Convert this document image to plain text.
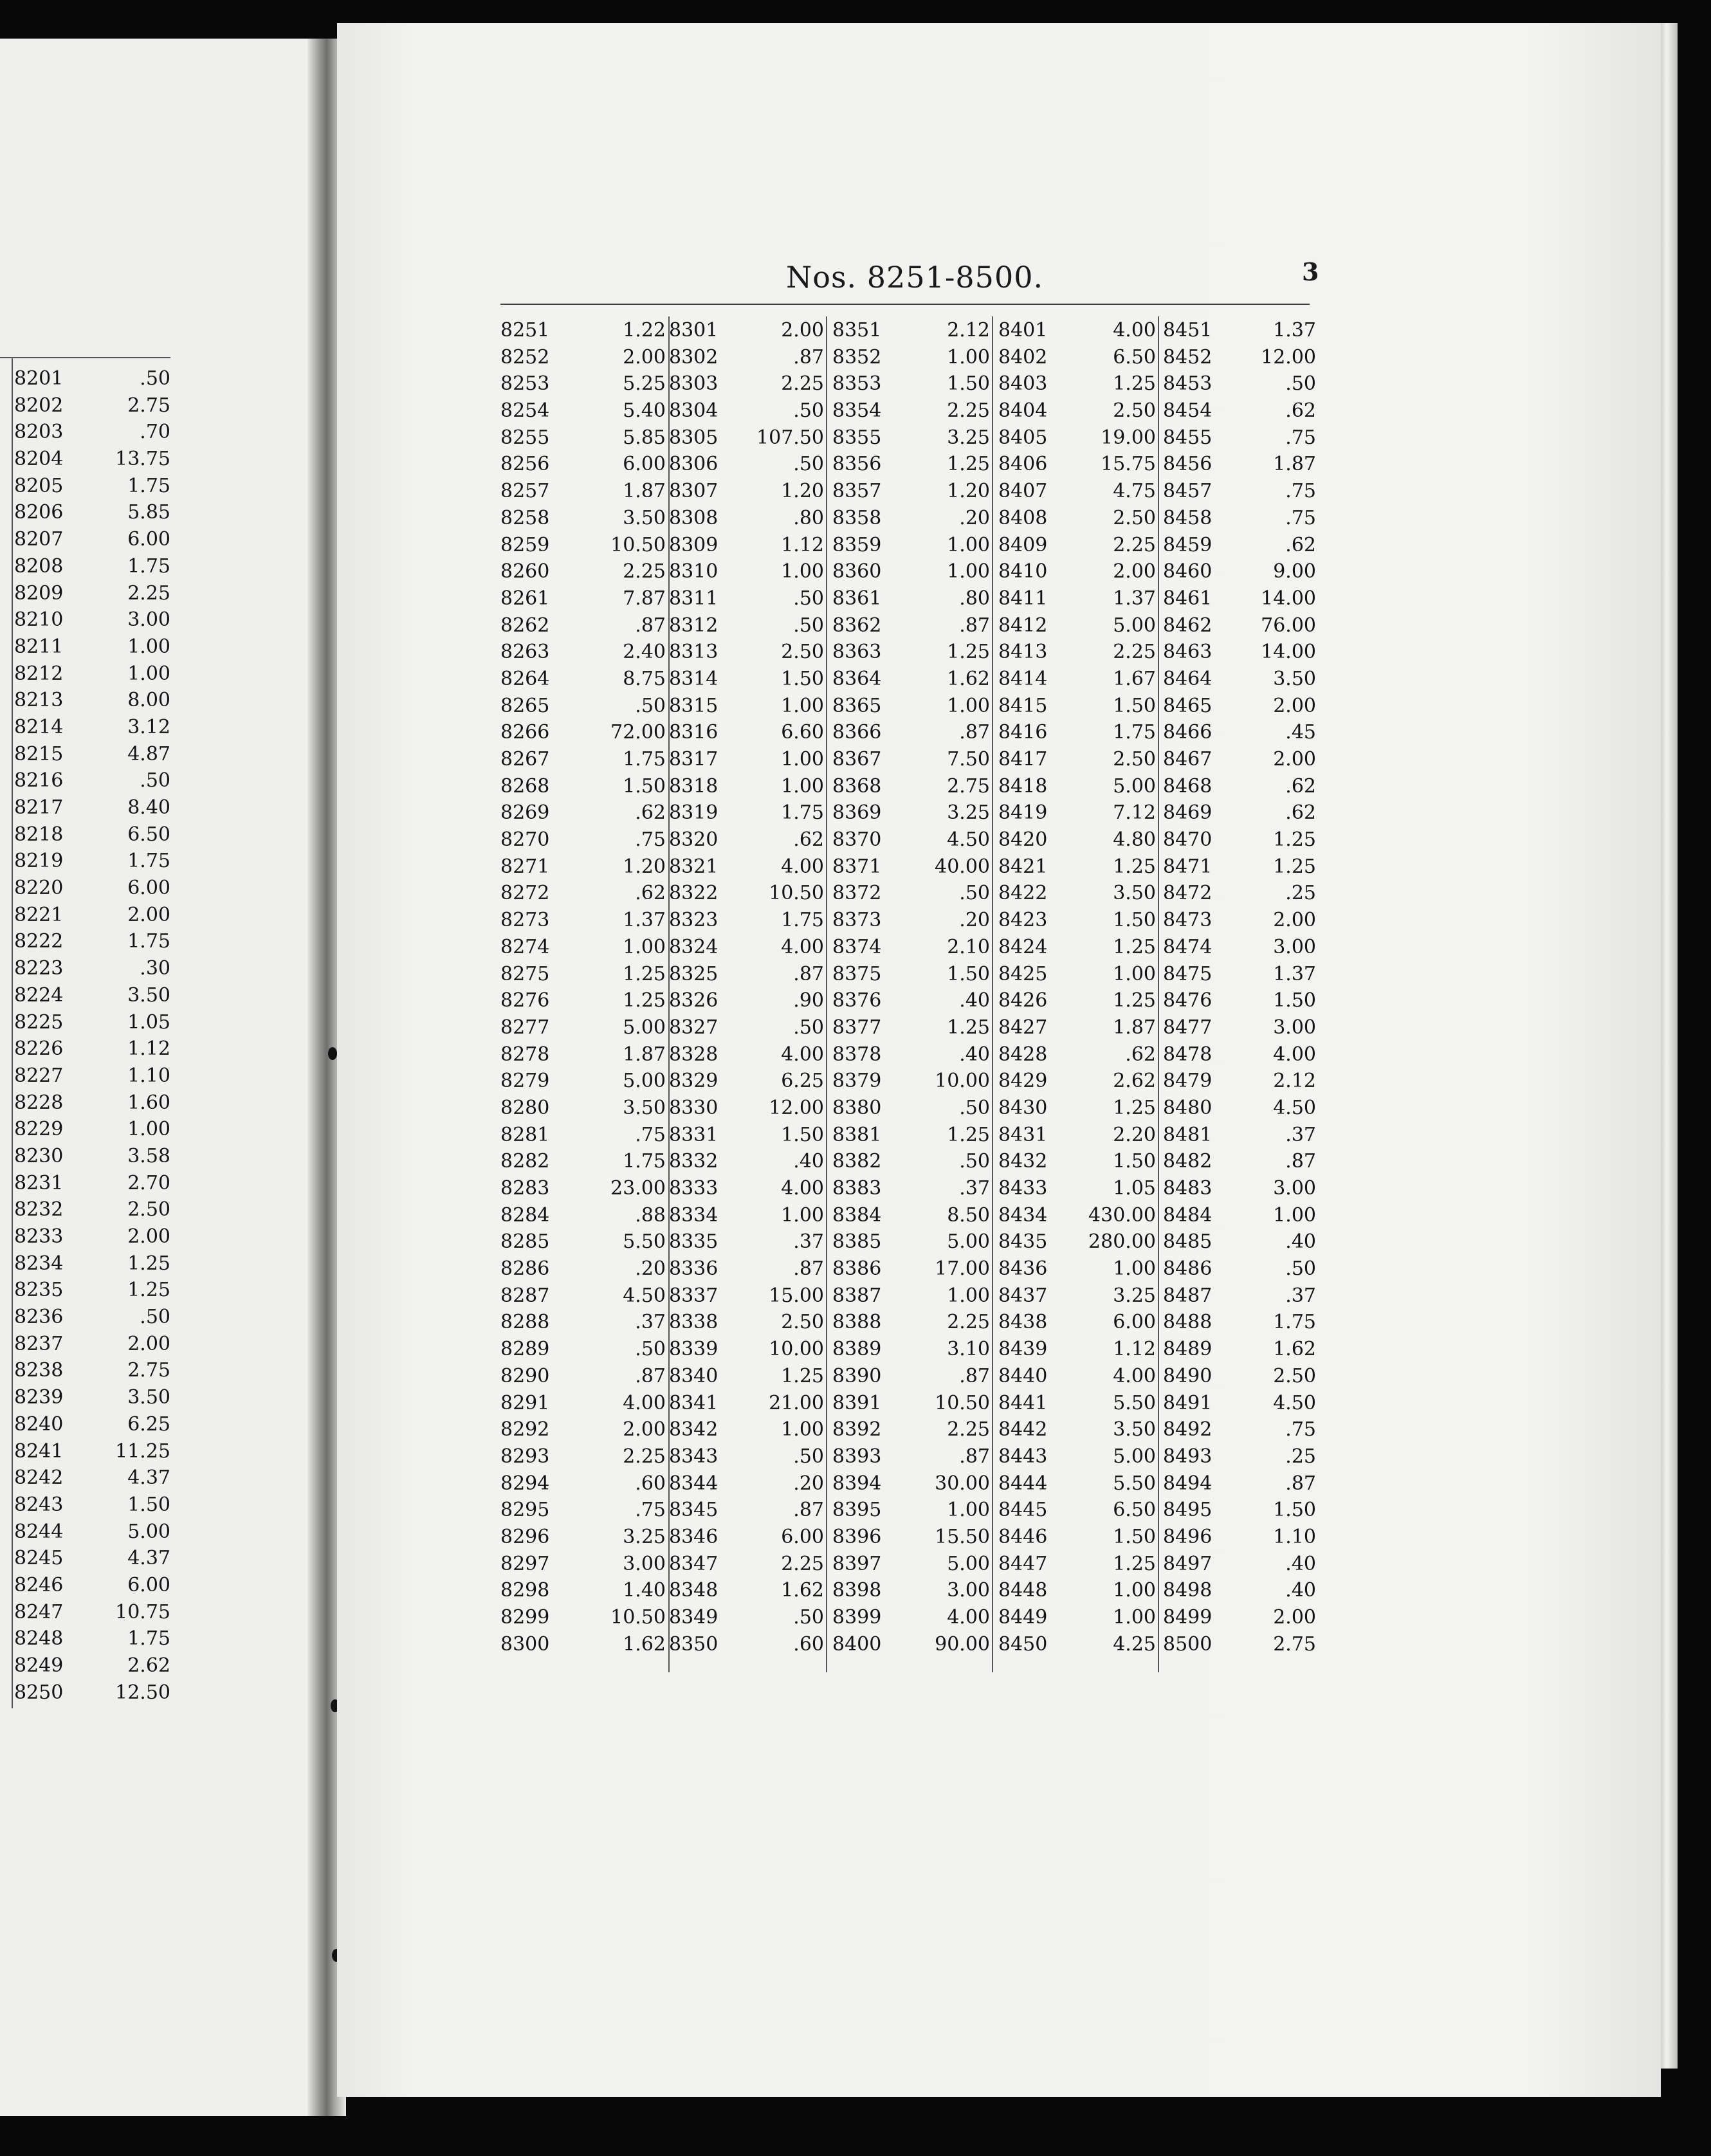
8201	.50
8202	2.75
8203	.70
8204	13.75
8205	1.75
8206	5.85
8207	6.00
8208	1.75
8209	2.25
8210	3.00
8211	1.00
8212	1.00
8213	8.00
8214	3.12
8215	4.87
8216	.50
8217	8.40
8218	6.50
8219	1.75
8220	6.00
8221	2.00
8222	1.75
8223	.30
8224	3.50
8225	1.05
8226	1.12
8227	1.10
8228	1.60
8229	1.00
8230	3.58
8231	2.70
8232	2.50
8233	2.00
8234	1.25
8235	1.25
8236	.50
8237	2.00
8238	2.75
8239	3.50
8240	6.25
8241	11.25
8242	4.37
8243	1.50
8244	5.00
8245	4.37
8246	6.00
8247	10.75
8248	1.75
8249	2.62
8250	12.50
Nos. 8251-8500.	3
8251	1.22
8252	2.00
8253	5.25
8254	5.40
8255	5.85
8256	6.00
8257	1.87
8258	3.50
8259	10.50
8260	2.25
8261	7.87
8262	.87
8263	2.40
8264	8.75
8265	.50
8266	72.00
8267	1.75
8268	1.50
8269	.62
8270	.75
8271	1.20
8272	.62
8273	1.37
8274	1.00
8275	1.25
8276	1.25
8277	5.00
8278	1.87
8279	5.00
8280	3.50
8281	.75
8282	1.75
8283	23.00
8284	.88
8285	5.50
8286	.20
8287	4.50
8288	.37
8289	.50
8290	.87
8291	4.00
8292	2.00
8293	2.25
8294	.60
8295	.75
8296	3.25
8297	3.00
8298	1.40
8299	10.50
8300	1.62
8301	2.00
8302	.87
8303	2.25
8304	.50
8305 107.50
8306	.50
8307	1.20
8308	.80
8309	1.12
8310	1.00
8311	.50
8312	.50
8313	2.50
8314	1.50
8315	1.00
8316	6.60
8317	1.00
8318	1.00
8319	1.75
8320	.62
8321	4.00
8322	10.50
8323	1.75
8324	4.00
8325	.87
8326	.90
8327	.50
8328	4.00
8329	6.25
8330	12.00
8331	1.50
8332	.40
8333	4.00
8334	1.00
8335	.37
8336	.87
8337	15.00
8338	2.50
8339	10.00
8340	1.25
8341	21.00
8342	1.00
8343	.50
8344	.20
8345	.87
8346	6.00
8347	2.25
8348	1.62
8349	.50
8350	.60
8351	2.12
8352	1.00
8353	1.50
8354	2.25
8355	3.25
8356	1.25
8357	1.20
8358	.20
8359	1.00
8360	1.00
8361	.80
8362	.87
8363	1.25
8364	1.62
8365	1.00
8366	.87
8367	7.50
8368	2.75
8369	3.25
8370	4.50
8371	40.00
8372	.50
8373	.20
8374	2.10
8375	1.50
8376	.40
8377	1.25
8378	.40
8379	10.00
8380	.50
8381	1.25
8382	.50
8383	.37
8384	8.50
8385	5.00
8386	17.00
8387	1.00
8388	2.25
8389	3.10
8390	.87
8391	10.50
8392	2.25
8393	.87
8394	30.00
8395	1.00
8396	15.50
8397	5.00
8398	3.00
8399	4.00
8400	90.00
8401	4.00
8402	6.50
8403	1.25
8404	2.50
8405	19.00
8406	15.75
8407	4.75
8408	2.50
8409	2.25
8410	2.00
8411	1.37
8412	5.00
8413	2.25
8414	1.67
8415	1.50
8416	1.75
8417	2.50
8418	5.00
8419	7.12
8420	4.80
8421	1.25
8422	3.50
8423	1.50
8424	1.25
8425	1.00
8426	1.25
8427	1.87
8428	.62
8429	2.62
8430	1.25
8431	2.20
8432	1.50
8433	1.05
8434 430.00
8435 280.00
8436	1.00
8437	3.25
8438	6.00
8439	1.12
8440	4.00
8441	5.50
8442	3.50
8443	5.00
8444	5.50
8445	6.50
8446	1.50
8447	1.25
8448	1.00
8449	1.00
8450	4.25
8451	1.37
8452	12.00
8453	.50
8454	.62
8455	.75
8456	1.87
8457	.75
8458	.75
8459	.62
8460	9.00
8461	14.00
8462	76.00
8463	14.00
8464	3.50
8465	2.00
8466	.45
8467	2.00
8468	.62
8469	.62
8470	1.25
8471	1.25
8472	.25
8473	2.00
8474	3.00
8475	1.37
8476	1.50
8477	3.00
8478	4.00
8479	2.12
8480	4.50
8481	.37
8482	.87
8483	3.00
8484	1.00
8485	.40
8486	.50
8487	.37
8488	1.75
8489	1.62
8490	2.50
8491	4.50
8492	.75
8493	.25
8494	.87
8495	1.50
8496	1.10
8497	.40
8498	.40
8499	2.00
8500	2.75
